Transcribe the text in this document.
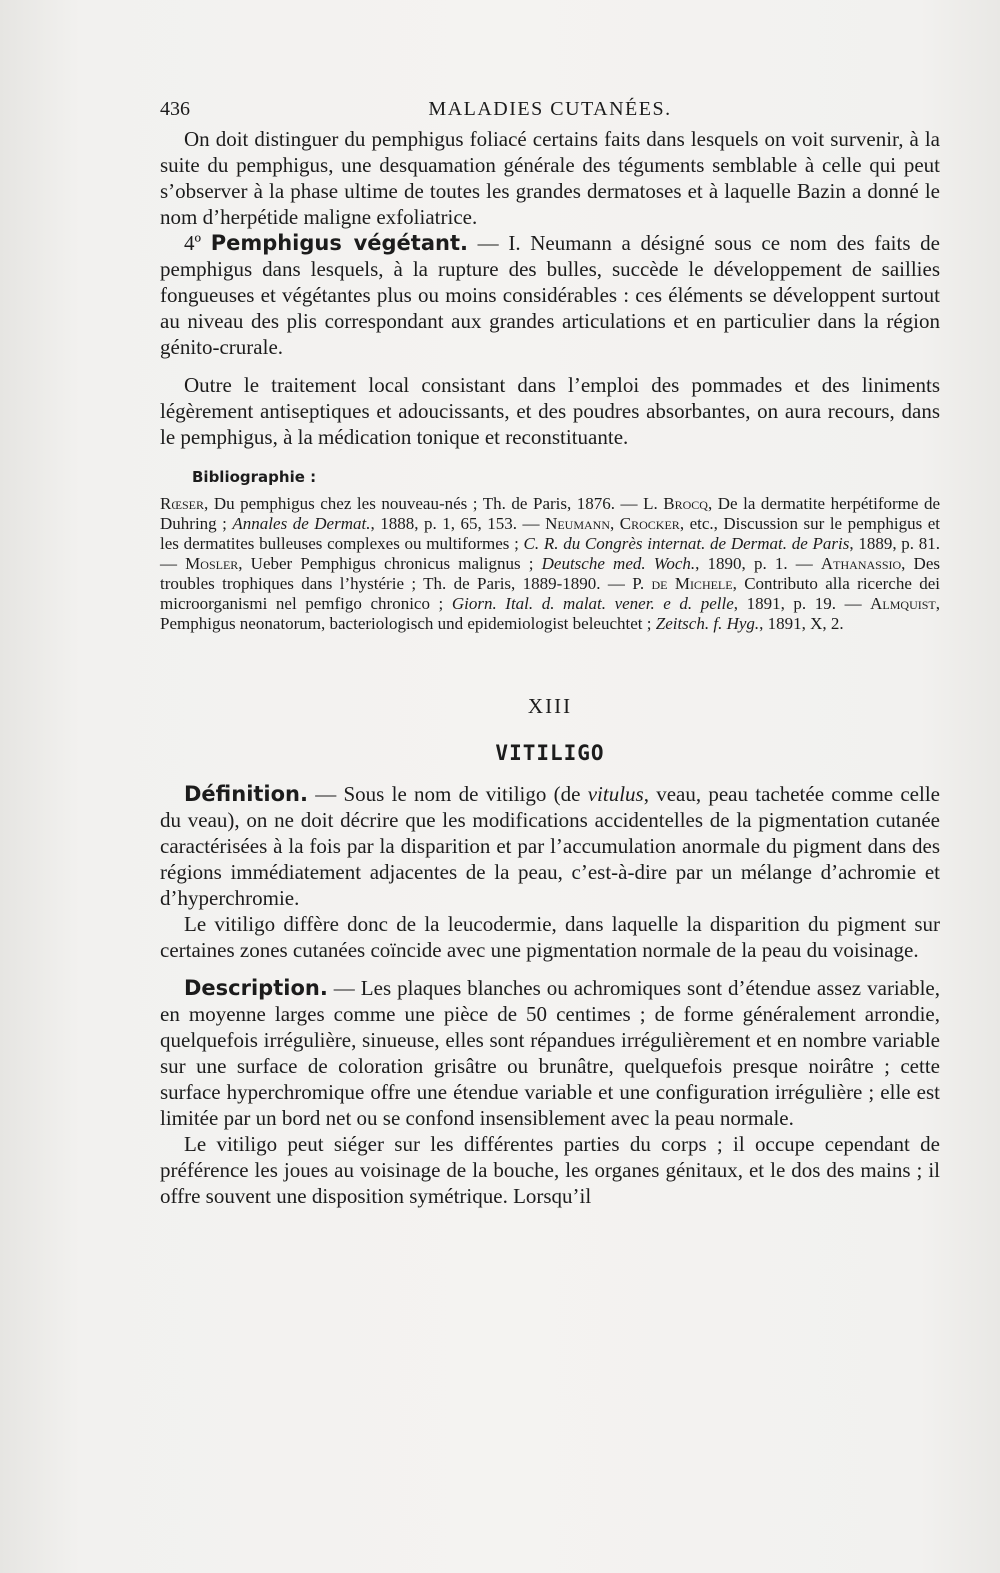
436	MALADIES CUTANÉES.

On doit distinguer du pemphigus foliacé certains faits dans lesquels on voit survenir, à la suite du pemphigus, une desquamation générale des téguments semblable à celle qui peut s’observer à la phase ultime de toutes les grandes dermatoses et à laquelle Bazin a donné le nom d’herpétide maligne exfoliatrice.

4º Pemphigus végétant. — I. Neumann a désigné sous ce nom des faits de pemphigus dans lesquels, à la rupture des bulles, succède le développement de saillies fongueuses et végétantes plus ou moins considérables : ces éléments se développent surtout au niveau des plis correspondant aux grandes articulations et en particulier dans la région génito-crurale.

Outre le traitement local consistant dans l’emploi des pommades et des liniments légèrement antiseptiques et adoucissants, et des poudres absorbantes, on aura recours, dans le pemphigus, à la médication tonique et reconstituante.

Bibliographie :

Rœser, Du pemphigus chez les nouveau-nés ; Th. de Paris, 1876. — L. Brocq, De la dermatite herpétiforme de Duhring ; Annales de Dermat., 1888, p. 1, 65, 153. — Neumann, Crocker, etc., Discussion sur le pemphigus et les dermatites bulleuses complexes ou multiformes ; C. R. du Congrès internat. de Dermat. de Paris, 1889, p. 81. — Mosler, Ueber Pemphigus chronicus malignus ; Deutsche med. Woch., 1890, p. 1. — Athanassio, Des troubles trophiques dans l’hystérie ; Th. de Paris, 1889-1890. — P. de Michele, Contributo alla ricerche dei microorganismi nel pemfigo chronico ; Giorn. Ital. d. malat. vener. e d. pelle, 1891, p. 19. — Almquist, Pemphigus neonatorum, bacteriologisch und epidemiologist beleuchtet ; Zeitsch. f. Hyg., 1891, X, 2.

XIII
VITILIGO

Définition. — Sous le nom de vitiligo (de vitulus, veau, peau tachetée comme celle du veau), on ne doit décrire que les modifications accidentelles de la pigmentation cutanée caractérisées à la fois par la disparition et par l’accumulation anormale du pigment dans des régions immédiatement adjacentes de la peau, c’est-à-dire par un mélange d’achromie et d’hyperchromie.

Le vitiligo diffère donc de la leucodermie, dans laquelle la disparition du pigment sur certaines zones cutanées coïncide avec une pigmentation normale de la peau du voisinage.

Description. — Les plaques blanches ou achromiques sont d’étendue assez variable, en moyenne larges comme une pièce de 50 centimes ; de forme généralement arrondie, quelquefois irrégulière, sinueuse, elles sont répandues irrégulièrement et en nombre variable sur une surface de coloration grisâtre ou brunâtre, quelquefois presque noirâtre ; cette surface hyperchromique offre une étendue variable et une configuration irrégulière ; elle est limitée par un bord net ou se confond insensiblement avec la peau normale.

Le vitiligo peut siéger sur les différentes parties du corps ; il occupe cependant de préférence les joues au voisinage de la bouche, les organes génitaux, et le dos des mains ; il offre souvent une disposition symétrique. Lorsqu’il
